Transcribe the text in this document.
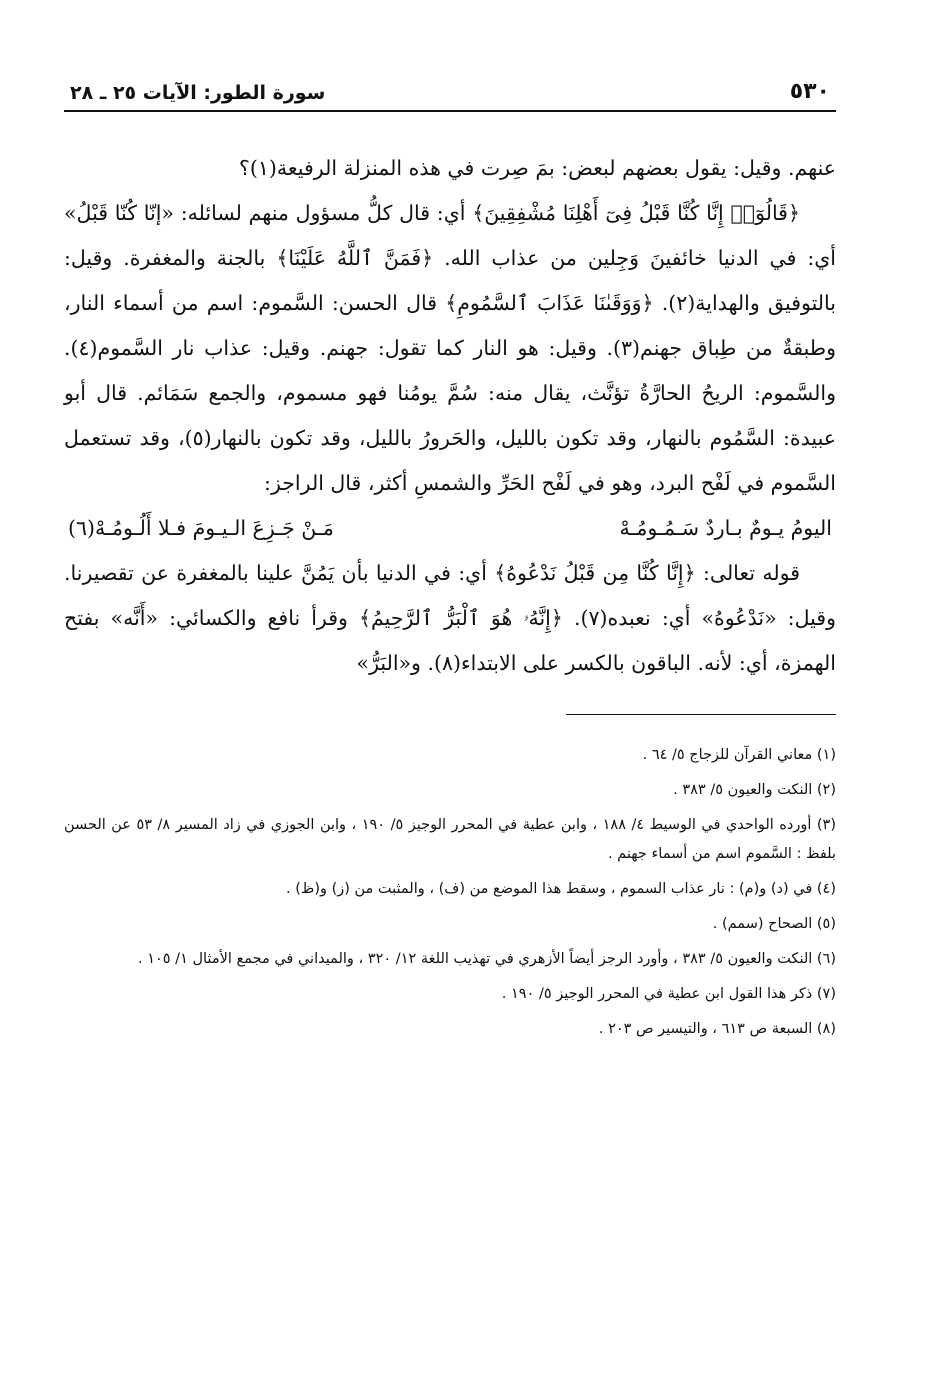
٥٣٠
سورة الطور: الآيات ٢٥ ـ ٢٨

عنهم. وقيل: يقول بعضهم لبعض: بمَ صِرت في هذه المنزلة الرفيعة(١)؟

﴿قَالُوٓا۟ إِنَّا كُنَّا قَبْلُ فِىٓ أَهْلِنَا مُشْفِقِينَ﴾ أي: قال كلُّ مسؤول منهم لسائله: «إنّا كُنّا قَبْلُ» أي: في الدنيا خائفينَ وَجِلين من عذاب الله. ﴿فَمَنَّ ٱللَّهُ عَلَيْنَا﴾ بالجنة والمغفرة. وقيل: بالتوفيق والهداية(٢). ﴿وَوَقَىٰنَا عَذَابَ ٱلسَّمُومِ﴾ قال الحسن: السَّموم: اسم من أسماء النار، وطبقةٌ من طِباق جهنم(٣). وقيل: هو النار كما تقول: جهنم. وقيل: عذاب نار السَّموم(٤). والسَّموم: الريحُ الحارَّةُ تؤنَّث، يقال منه: سُمَّ يومُنا فهو مسموم، والجمع سَمَائم. قال أبو عبيدة: السَّمُوم بالنهار، وقد تكون بالليل، والحَرورُ بالليل، وقد تكون بالنهار(٥)، وقد تستعمل السَّموم في لَفْح البرد، وهو في لَفْح الحَرِّ والشمسِ أكثر، قال الراجز:

اليومُ يـومٌ بـاردٌ سَـمُـومُـهْ
مَـنْ جَـزِعَ الـيـومَ فـلا أَلُـومُـهْ(٦)

قوله تعالى: ﴿إِنَّا كُنَّا مِن قَبْلُ نَدْعُوهُ﴾ أي: في الدنيا بأن يَمُنَّ علينا بالمغفرة عن تقصيرنا. وقيل: «نَدْعُوهُ» أي: نعبده(٧). ﴿إِنَّهُۥ هُوَ ٱلْبَرُّ ٱلرَّحِيمُ﴾ وقرأ نافع والكسائي: «أَنَّه» بفتح الهمزة، أي: لأنه. الباقون بالكسر على الابتداء(٨). و«البَرُّ»

(١) معاني القرآن للزجاج ٥/ ٦٤ .

(٢) النكت والعيون ٥/ ٣٨٣ .

(٣) أورده الواحدي في الوسيط ٤/ ١٨٨ ، وابن عطية في المحرر الوجيز ٥/ ١٩٠ ، وابن الجوزي في زاد المسير ٨/ ٥٣ عن الحسن بلفظ : السَّموم اسم من أسماء جهنم .

(٤) في (د) و(م) : نار عذاب السموم ، وسقط هذا الموضع من (ف) ، والمثبت من (ز) و(ظ) .

(٥) الصحاح (سمم) .

(٦) النكت والعيون ٥/ ٣٨٣ ، وأورد الرجز أيضاً الأزهري في تهذيب اللغة ١٢/ ٣٢٠ ، والميداني في مجمع الأمثال ١/ ١٠٥ .

(٧) ذكر هذا القول ابن عطية في المحرر الوجيز ٥/ ١٩٠ .

(٨) السبعة ص ٦١٣ ، والتيسير ص ٢٠٣ .
